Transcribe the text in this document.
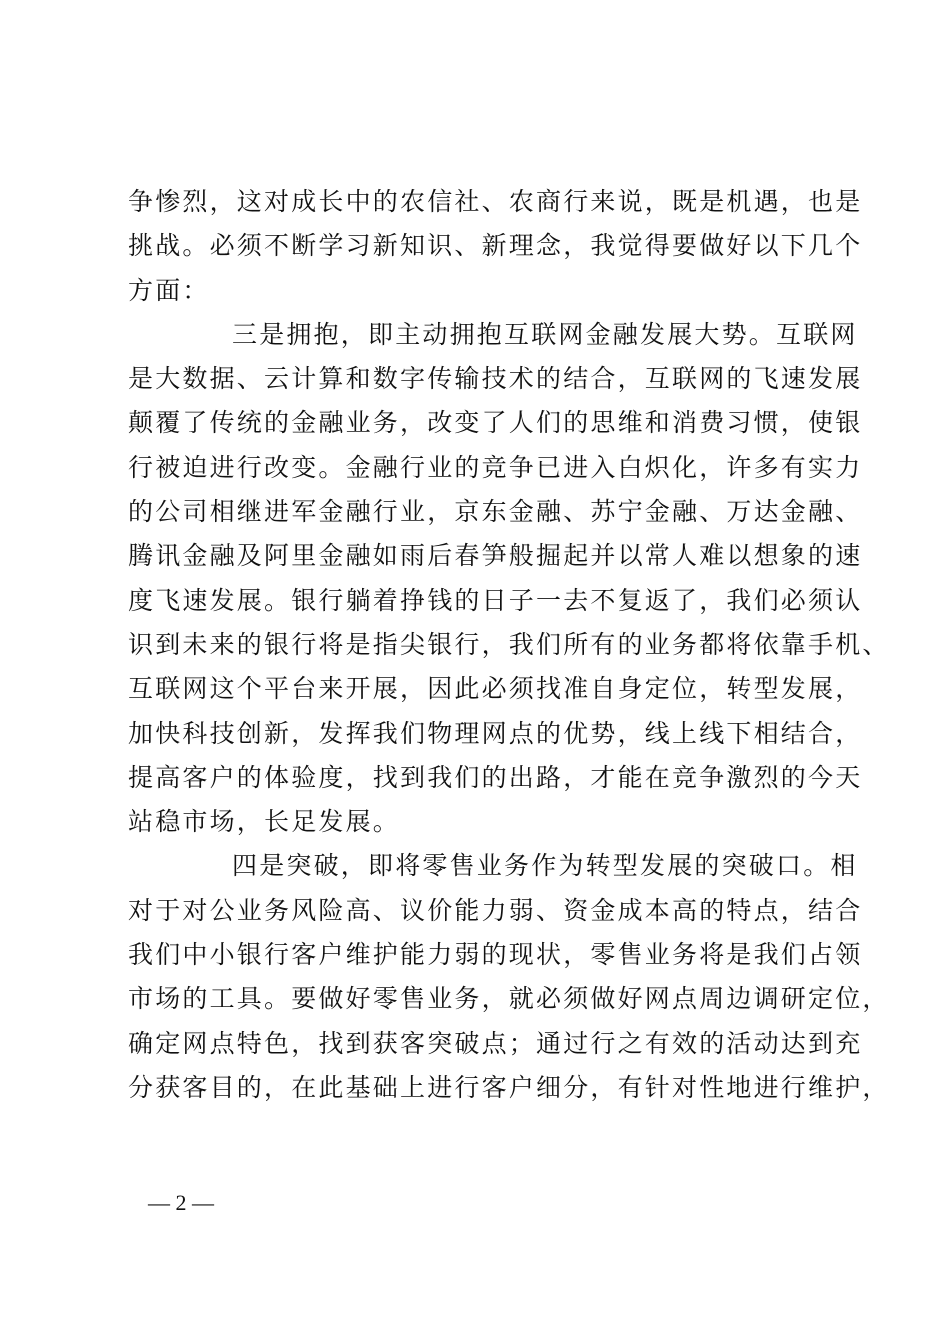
争惨烈，这对成长中的农信社、农商行来说，既是机遇，也是
挑战。必须不断学习新知识、新理念，我觉得要做好以下几个
方面：
三是拥抱，即主动拥抱互联网金融发展大势。互联网
是大数据、云计算和数字传输技术的结合，互联网的飞速发展
颠覆了传统的金融业务，改变了人们的思维和消费习惯，使银
行被迫进行改变。金融行业的竞争已进入白炽化，许多有实力
的公司相继进军金融行业，京东金融、苏宁金融、万达金融、
腾讯金融及阿里金融如雨后春笋般掘起并以常人难以想象的速
度飞速发展。银行躺着挣钱的日子一去不复返了，我们必须认
识到未来的银行将是指尖银行，我们所有的业务都将依靠手机、
互联网这个平台来开展，因此必须找准自身定位，转型发展，
加快科技创新，发挥我们物理网点的优势，线上线下相结合，
提高客户的体验度，找到我们的出路，才能在竞争激烈的今天
站稳市场，长足发展。
四是突破，即将零售业务作为转型发展的突破口。相
对于对公业务风险高、议价能力弱、资金成本高的特点，结合
我们中小银行客户维护能力弱的现状，零售业务将是我们占领
市场的工具。要做好零售业务，就必须做好网点周边调研定位，
确定网点特色，找到获客突破点；通过行之有效的活动达到充
分获客目的，在此基础上进行客户细分，有针对性地进行维护，
— 2 —
